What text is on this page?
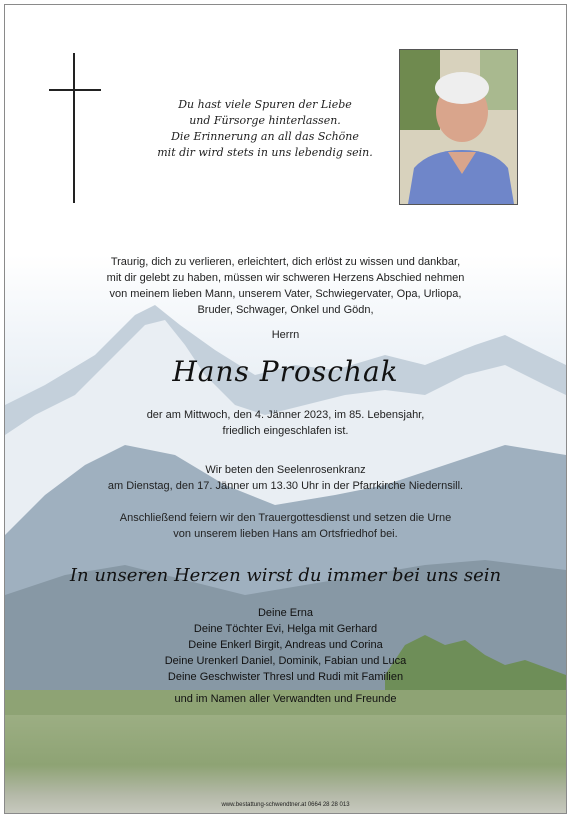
Du hast viele Spuren der Liebe
und Fürsorge hinterlassen.
Die Erinnerung an all das Schöne
mit dir wird stets in uns lebendig sein.
Traurig, dich zu verlieren, erleichtert, dich erlöst zu wissen und dankbar,
mit dir gelebt zu haben, müssen wir schweren Herzens Abschied nehmen
von meinem lieben Mann, unserem Vater, Schwiegervater, Opa, Urliopa,
Bruder, Schwager, Onkel und Gödn,
Herrn
Hans Proschak
der am Mittwoch, den 4. Jänner 2023, im 85. Lebensjahr,
friedlich eingeschlafen ist.
Wir beten den Seelenrosenkranz
am Dienstag, den 17. Jänner um 13.30 Uhr in der Pfarrkirche Niedernsill.
Anschließend feiern wir den Trauergottesdienst und setzen die Urne
von unserem lieben Hans am Ortsfriedhof bei.
In unseren Herzen wirst du immer bei uns sein
Deine Erna
Deine Töchter Evi, Helga mit Gerhard
Deine Enkerl Birgit, Andreas und Corina
Deine Urenkerl Daniel, Dominik, Fabian und Luca
Deine Geschwister Thresl und Rudi mit Familien
und im Namen aller Verwandten und Freunde
www.bestattung-schwendtner.at 0664 28 28 013
